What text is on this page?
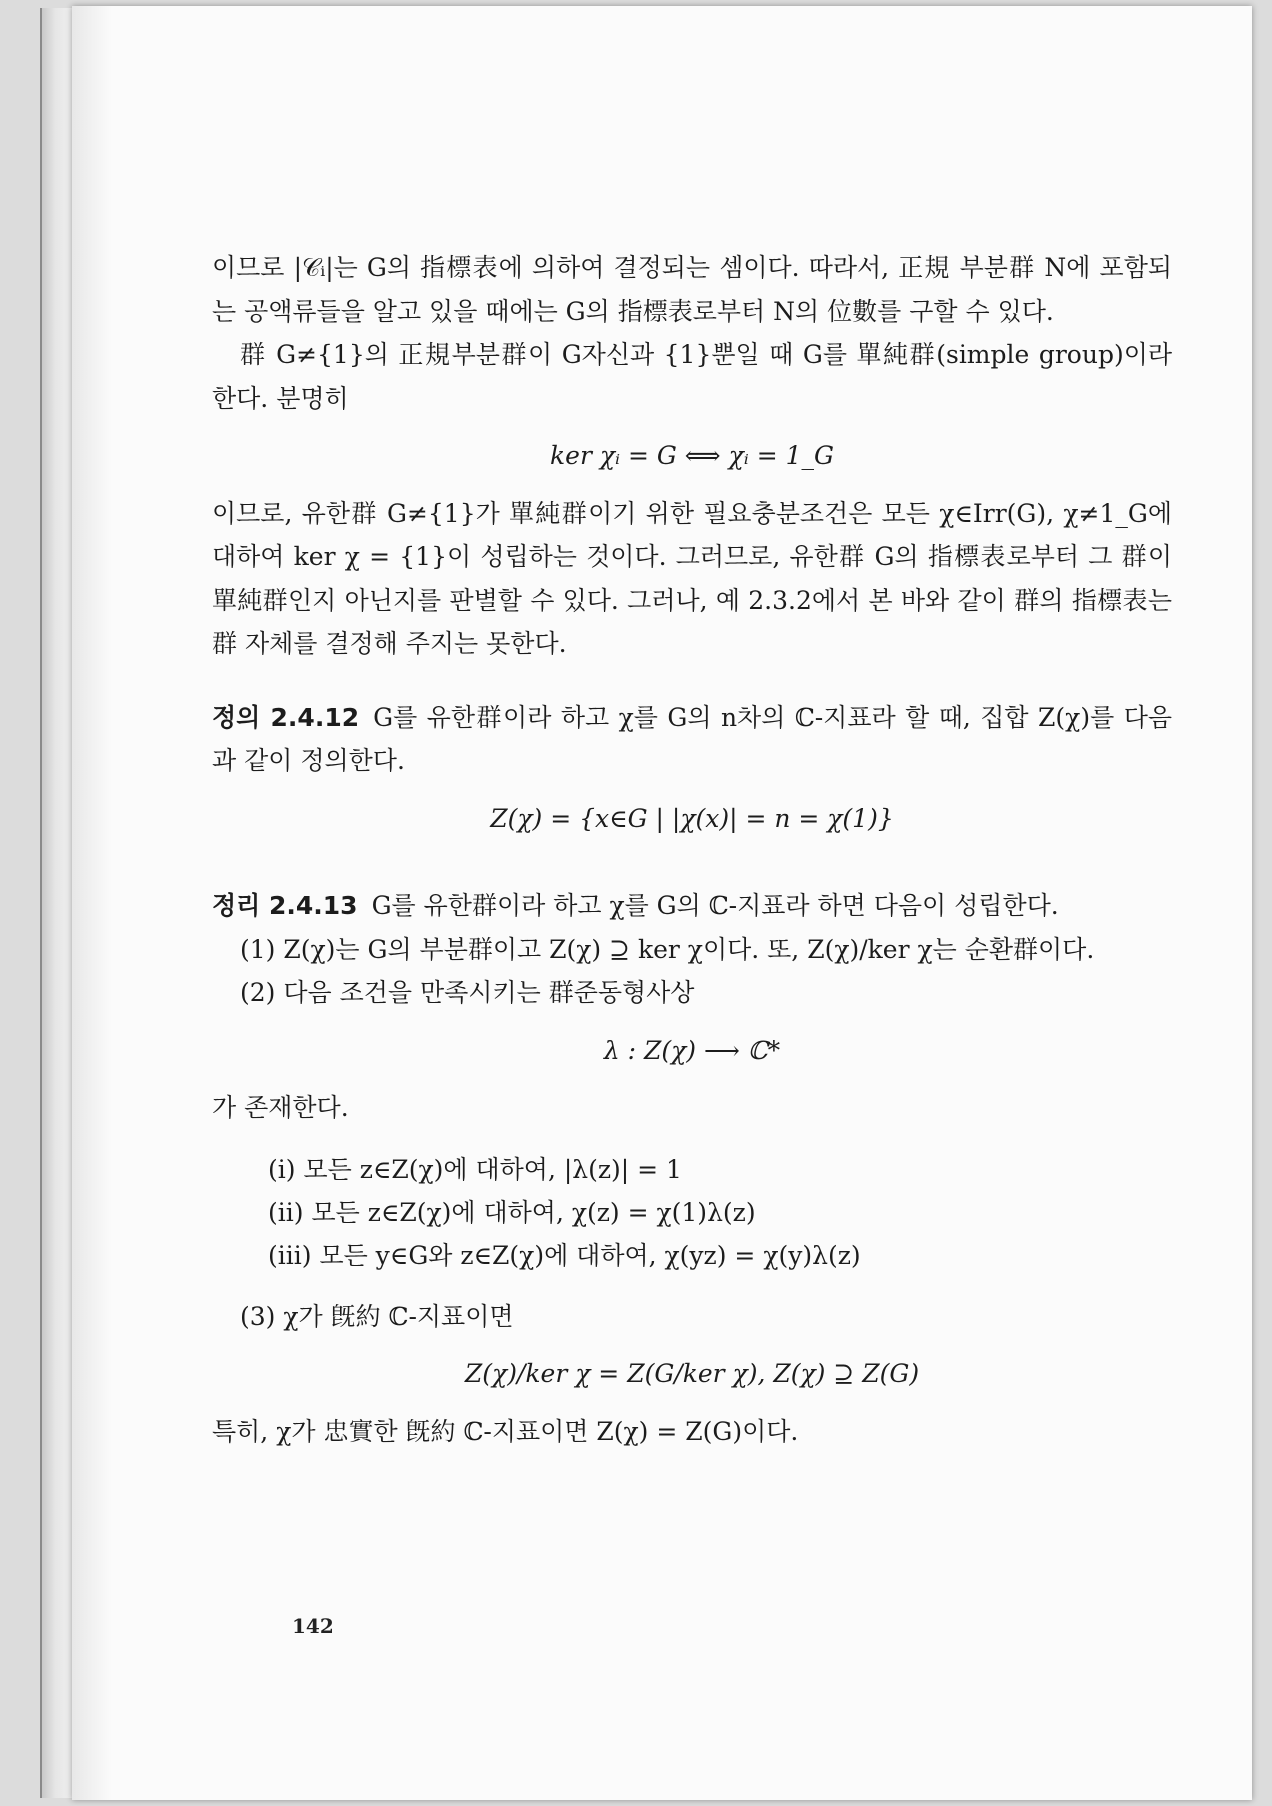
이므로 |𝒞ᵢ|는 G의 指標表에 의하여 결정되는 셈이다. 따라서, 正規 부분群 N에 포함되는 공액류들을 알고 있을 때에는 G의 指標表로부터 N의 位數를 구할 수 있다.

群 G≠{1}의 正規부분群이 G자신과 {1}뿐일 때 G를 單純群(simple group)이라 한다. 분명히

ker χᵢ = G ⟺ χᵢ = 1_G

이므로, 유한群 G≠{1}가 單純群이기 위한 필요충분조건은 모든 χ∈Irr(G), χ≠1_G에 대하여 ker χ = {1}이 성립하는 것이다. 그러므로, 유한群 G의 指標表로부터 그 群이 單純群인지 아닌지를 판별할 수 있다. 그러나, 예 2.3.2에서 본 바와 같이 群의 指標表는 群 자체를 결정해 주지는 못한다.

정의 2.4.12 G를 유한群이라 하고 χ를 G의 n차의 ℂ-지표라 할 때, 집합 Z(χ)를 다음과 같이 정의한다.

Z(χ) = {x∈G | |χ(x)| = n = χ(1)}

정리 2.4.13 G를 유한群이라 하고 χ를 G의 ℂ-지표라 하면 다음이 성립한다.

(1) Z(χ)는 G의 부분群이고 Z(χ) ⊇ ker χ이다. 또, Z(χ)/ker χ는 순환群이다.

(2) 다음 조건을 만족시키는 群준동형사상

λ : Z(χ) ⟶ ℂ*

가 존재한다.

(i) 모든 z∈Z(χ)에 대하여, |λ(z)| = 1

(ii) 모든 z∈Z(χ)에 대하여, χ(z) = χ(1)λ(z)

(iii) 모든 y∈G와 z∈Z(χ)에 대하여, χ(yz) = χ(y)λ(z)

(3) χ가 旣約 ℂ-지표이면

Z(χ)/ker χ = Z(G/ker χ), Z(χ) ⊇ Z(G)

특히, χ가 忠實한 旣約 ℂ-지표이면 Z(χ) = Z(G)이다.

142
